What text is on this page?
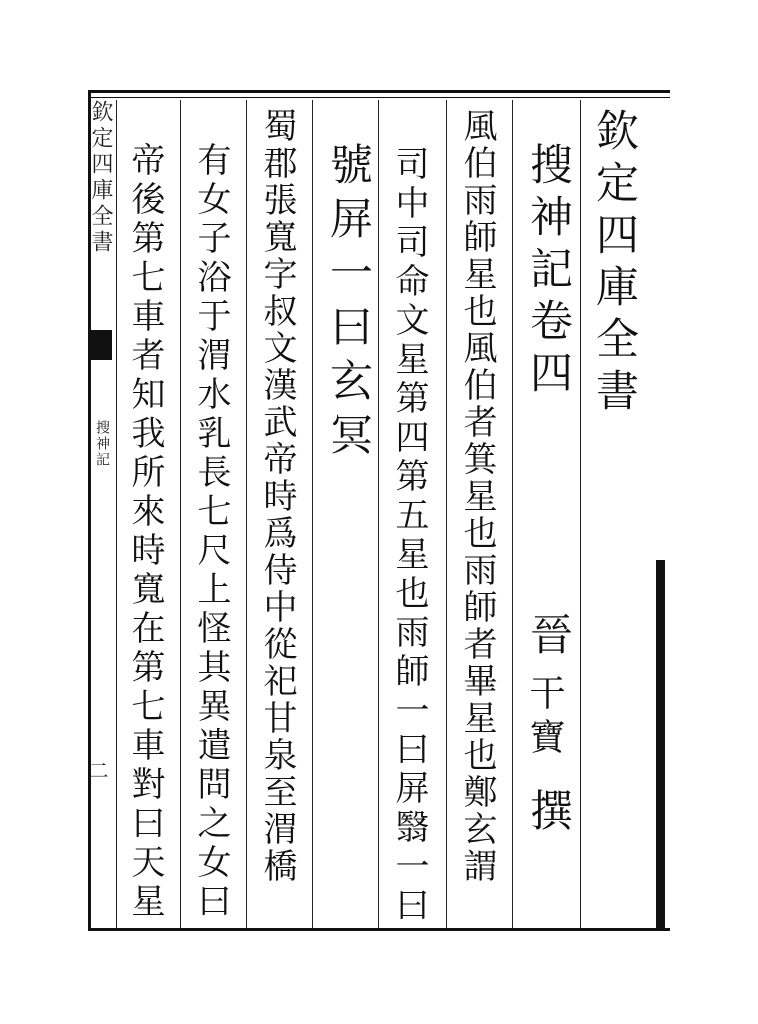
欽定四庫全書
搜神記
二
欽定四庫全書
搜神記卷四
晉
干寶
撰
風伯雨師星也風伯者箕星也雨師者畢星也鄭玄謂
司中司命文星第四第五星也雨師一曰屏翳一曰
號屏一曰玄冥
蜀郡張寬字叔文漢武帝時爲侍中從祀甘泉至渭橋
有女子浴于渭水乳長七尺上怪其異遣問之女曰
帝後第七車者知我所來時寬在第七車對曰天星
